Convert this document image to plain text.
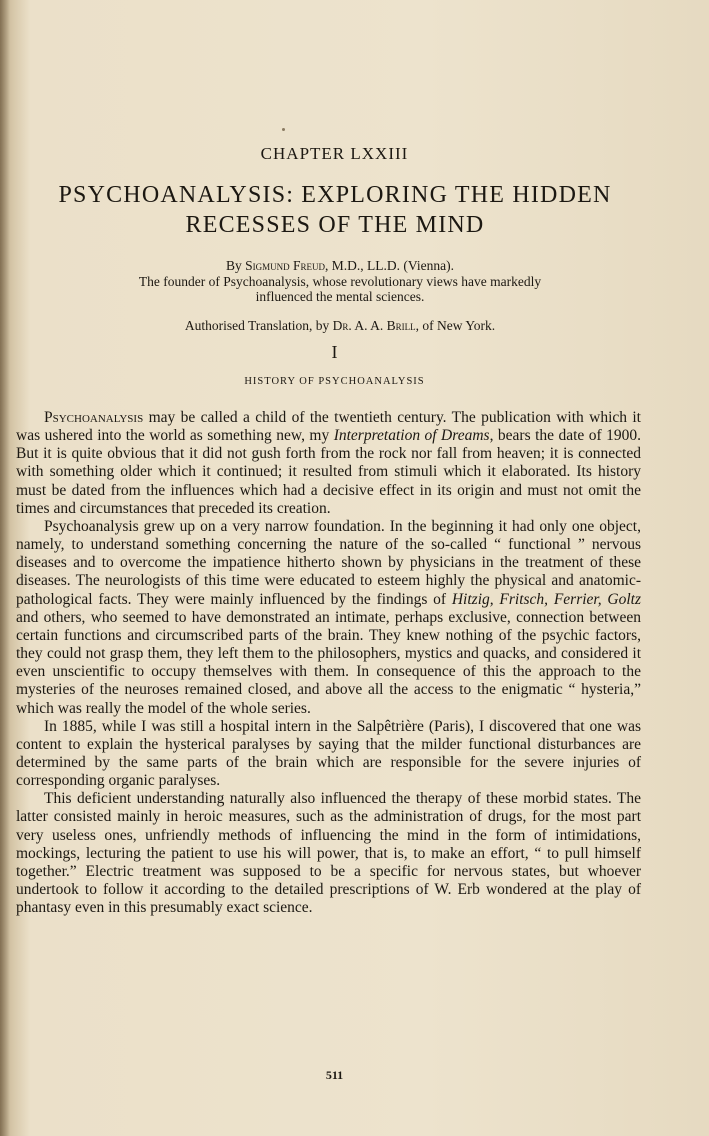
CHAPTER LXXIII
PSYCHOANALYSIS: EXPLORING THE HIDDEN RECESSES OF THE MIND
By Sigmund Freud, M.D., LL.D. (Vienna).
The founder of Psychoanalysis, whose revolutionary views have markedly influenced the mental sciences.
Authorised Translation, by Dr. A. A. Brill, of New York.
I
HISTORY OF PSYCHOANALYSIS

Psychoanalysis may be called a child of the twentieth century. The publication with which it was ushered into the world as something new, my Interpretation of Dreams, bears the date of 1900. But it is quite obvious that it did not gush forth from the rock nor fall from heaven; it is connected with something older which it continued; it resulted from stimuli which it elaborated. Its history must be dated from the influences which had a decisive effect in its origin and must not omit the times and circumstances that preceded its creation.

Psychoanalysis grew up on a very narrow foundation. In the beginning it had only one object, namely, to understand something concerning the nature of the so-called “ functional ” nervous diseases and to overcome the impatience hitherto shown by physicians in the treatment of these diseases. The neurologists of this time were educated to esteem highly the physical and anatomic-pathological facts. They were mainly influenced by the findings of Hitzig, Fritsch, Ferrier, Goltz and others, who seemed to have demonstrated an intimate, perhaps exclusive, connection between certain functions and circumscribed parts of the brain. They knew nothing of the psychic factors, they could not grasp them, they left them to the philosophers, mystics and quacks, and considered it even unscientific to occupy themselves with them. In consequence of this the approach to the mysteries of the neuroses remained closed, and above all the access to the enigmatic “ hysteria,” which was really the model of the whole series.

In 1885, while I was still a hospital intern in the Salpêtrière (Paris), I discovered that one was content to explain the hysterical paralyses by saying that the milder functional disturbances are determined by the same parts of the brain which are responsible for the severe injuries of corresponding organic paralyses.

This deficient understanding naturally also influenced the therapy of these morbid states. The latter consisted mainly in heroic measures, such as the administration of drugs, for the most part very useless ones, unfriendly methods of influencing the mind in the form of intimidations, mockings, lecturing the patient to use his will power, that is, to make an effort, “ to pull himself together.” Electric treatment was supposed to be a specific for nervous states, but whoever undertook to follow it according to the detailed prescriptions of W. Erb wondered at the play of phantasy even in this presumably exact science.

511
